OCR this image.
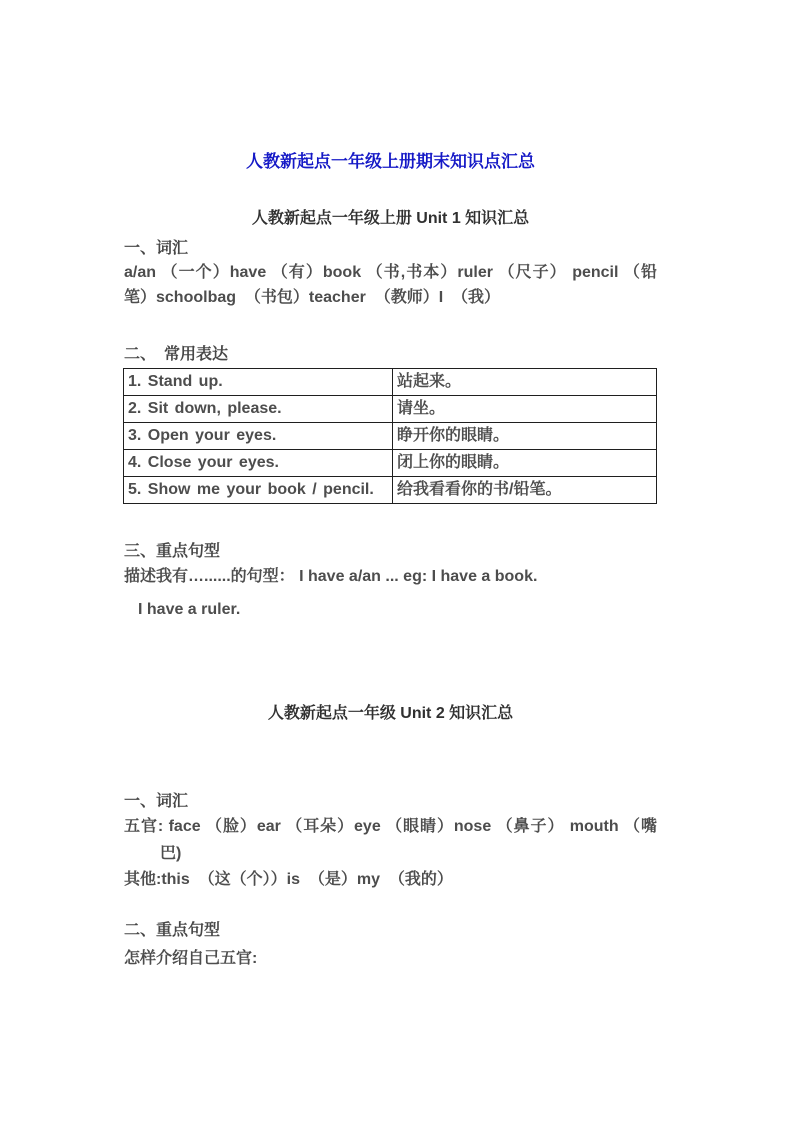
人教新起点一年级上册期末知识点汇总
人教新起点一年级上册 Unit 1 知识汇总
一、词汇
a/an （一个）have （有）book （书,书本）ruler （尺子） pencil （铅
笔）schoolbag  （书包）teacher  （教师）I  （我）
二、　常用表达
1. Stand up.	站起来。
2. Sit down, please.	请坐。
3. Open your eyes.	睁开你的眼睛。
4. Close your eyes.	闭上你的眼睛。
5. Show me your book / pencil.	给我看看你的书/铅笔。
三、重点句型
描述我有…......的句型： I have a/an ... eg: I have a book.
I have a ruler.
人教新起点一年级 Unit 2 知识汇总
一、词汇
五官: face （脸）ear （耳朵）eye （眼睛）nose （鼻子） mouth （嘴
巴)
其他:this  （这（个））is  （是）my  （我的）
二、重点句型
怎样介绍自己五官:
